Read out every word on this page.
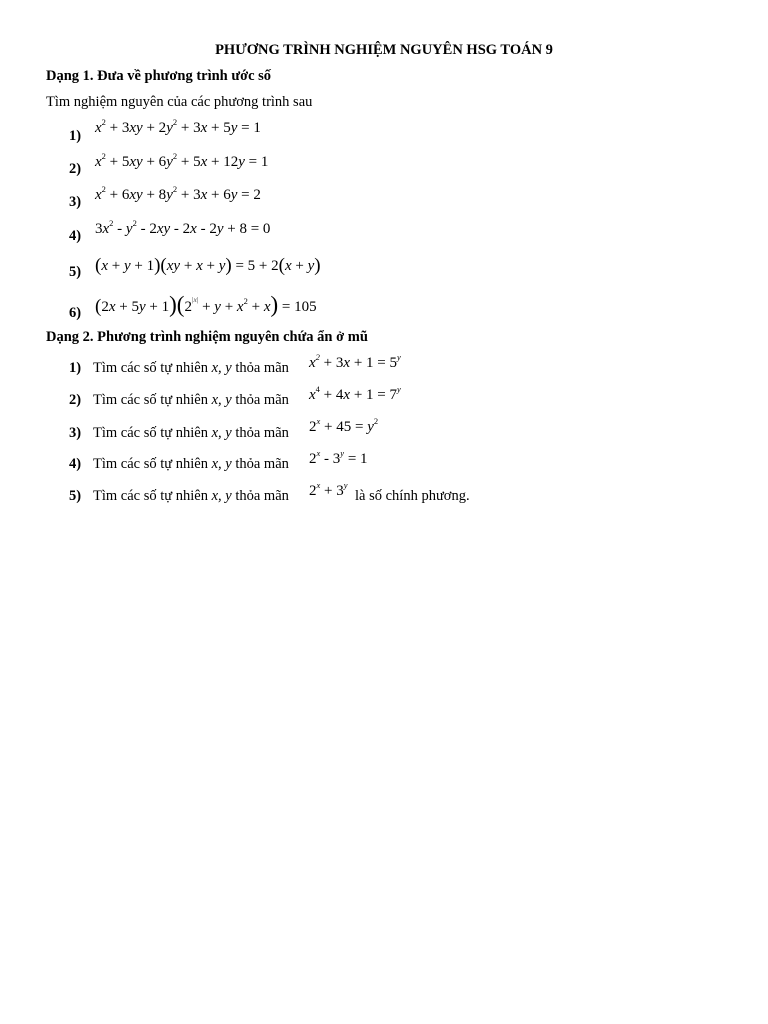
PHƯƠNG TRÌNH NGHIỆM NGUYÊN HSG TOÁN 9
Dạng 1. Đưa về phương trình ước số
Tìm nghiệm nguyên của các phương trình sau
1) $x^2 + 3xy + 2y^2 + 3x + 5y = 1$
2) $x^2 + 5xy + 6y^2 + 5x + 12y = 1$
3) $x^2 + 6xy + 8y^2 + 3x + 6y = 2$
4) $3x^2 - y^2 - 2xy - 2x - 2y + 8 = 0$
5) (x + y + 1)(xy + x + y) = 5 + 2(x + y)
6) $(2x + 5y + 1)(2^{|x|} + y + x^2 + x) = 105$
Dạng 2. Phương trình nghiệm nguyên chứa ẩn ở mũ
1) Tìm các số tự nhiên x, y thỏa mãn $x^2 + 3x + 1 = 5^y$
2) Tìm các số tự nhiên x, y thỏa mãn $x^4 + 4x + 1 = 7^y$
3) Tìm các số tự nhiên x, y thỏa mãn $2^x + 45 = y^2$
4) Tìm các số tự nhiên x, y thỏa mãn $2^x - 3^y = 1$
5) Tìm các số tự nhiên x, y thỏa mãn $2^x + 3^y$
là số chính phương.
